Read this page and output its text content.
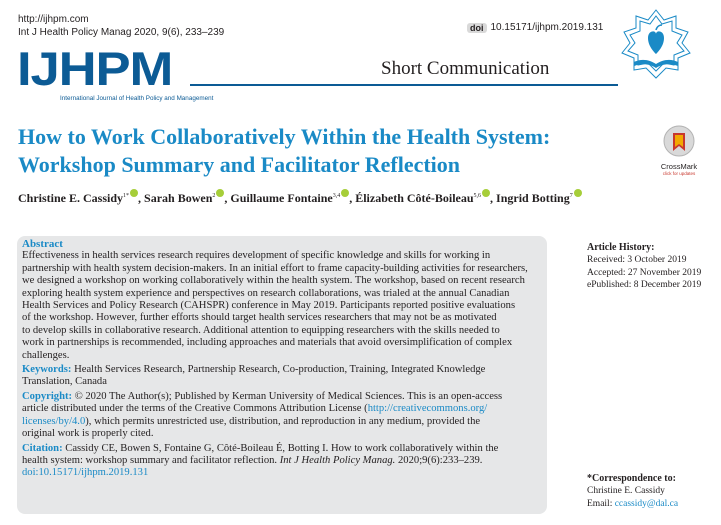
http://ijhpm.com
Int J Health Policy Manag 2020, 9(6), 233–239	doi 10.15171/ijhpm.2019.131
IJHPM
International Journal of Health Policy and Management
Short Communication
How to Work Collaboratively Within the Health System:
Workshop Summary and Facilitator Reflection	CrossMark
click for updates
Christine E. Cassidy$^{1*}$ , Sarah Bowen$^2$ , Guillaume Fontaine$^{3,4}$ , Élizabeth Côté-Boileau$^{5,6}$ , Ingrid Botting$^7$
Abstract
Effectiveness in health services research requires development of specific knowledge and skills for working in
partnership with health system decision-makers. In an initial effort to frame capacity-building activities for researchers,
we designed a workshop on working collaboratively within the health system. The workshop, based on recent research
exploring health system experience and perspectives on research collaborations, was trialed at the annual Canadian
Health Services and Policy Research (CAHSPR) conference in May 2019. Participants reported positive evaluations
of the workshop. However, further efforts should target health services researchers that may not be as motivated
to develop skills in collaborative research. Additional attention to equipping researchers with the skills needed to
work in partnerships is recommended, including approaches and materials that avoid oversimplification of complex
challenges.
Keywords: Health Services Research, Partnership Research, Co-production, Training, Integrated Knowledge
Translation, Canada
Copyright: © 2020 The Author(s); Published by Kerman University of Medical Sciences. This is an open-access
article distributed under the terms of the Creative Commons Attribution License (http://creativecommons.org/
licenses/by/4.0), which permits unrestricted use, distribution, and reproduction in any medium, provided the
original work is properly cited.
Citation: Cassidy CE, Bowen S, Fontaine G, Côté-Boileau É, Botting I. How to work collaboratively within the
health system: workshop summary and facilitator reflection. Int J Health Policy Manag. 2020;9(6):233–239.
doi:10.15171/ijhpm.2019.131
Article History:
Received: 3 October 2019
Accepted: 27 November 2019
ePublished: 8 December 2019
*Correspondence to:
Christine E. Cassidy
Email: ccassidy@dal.ca
